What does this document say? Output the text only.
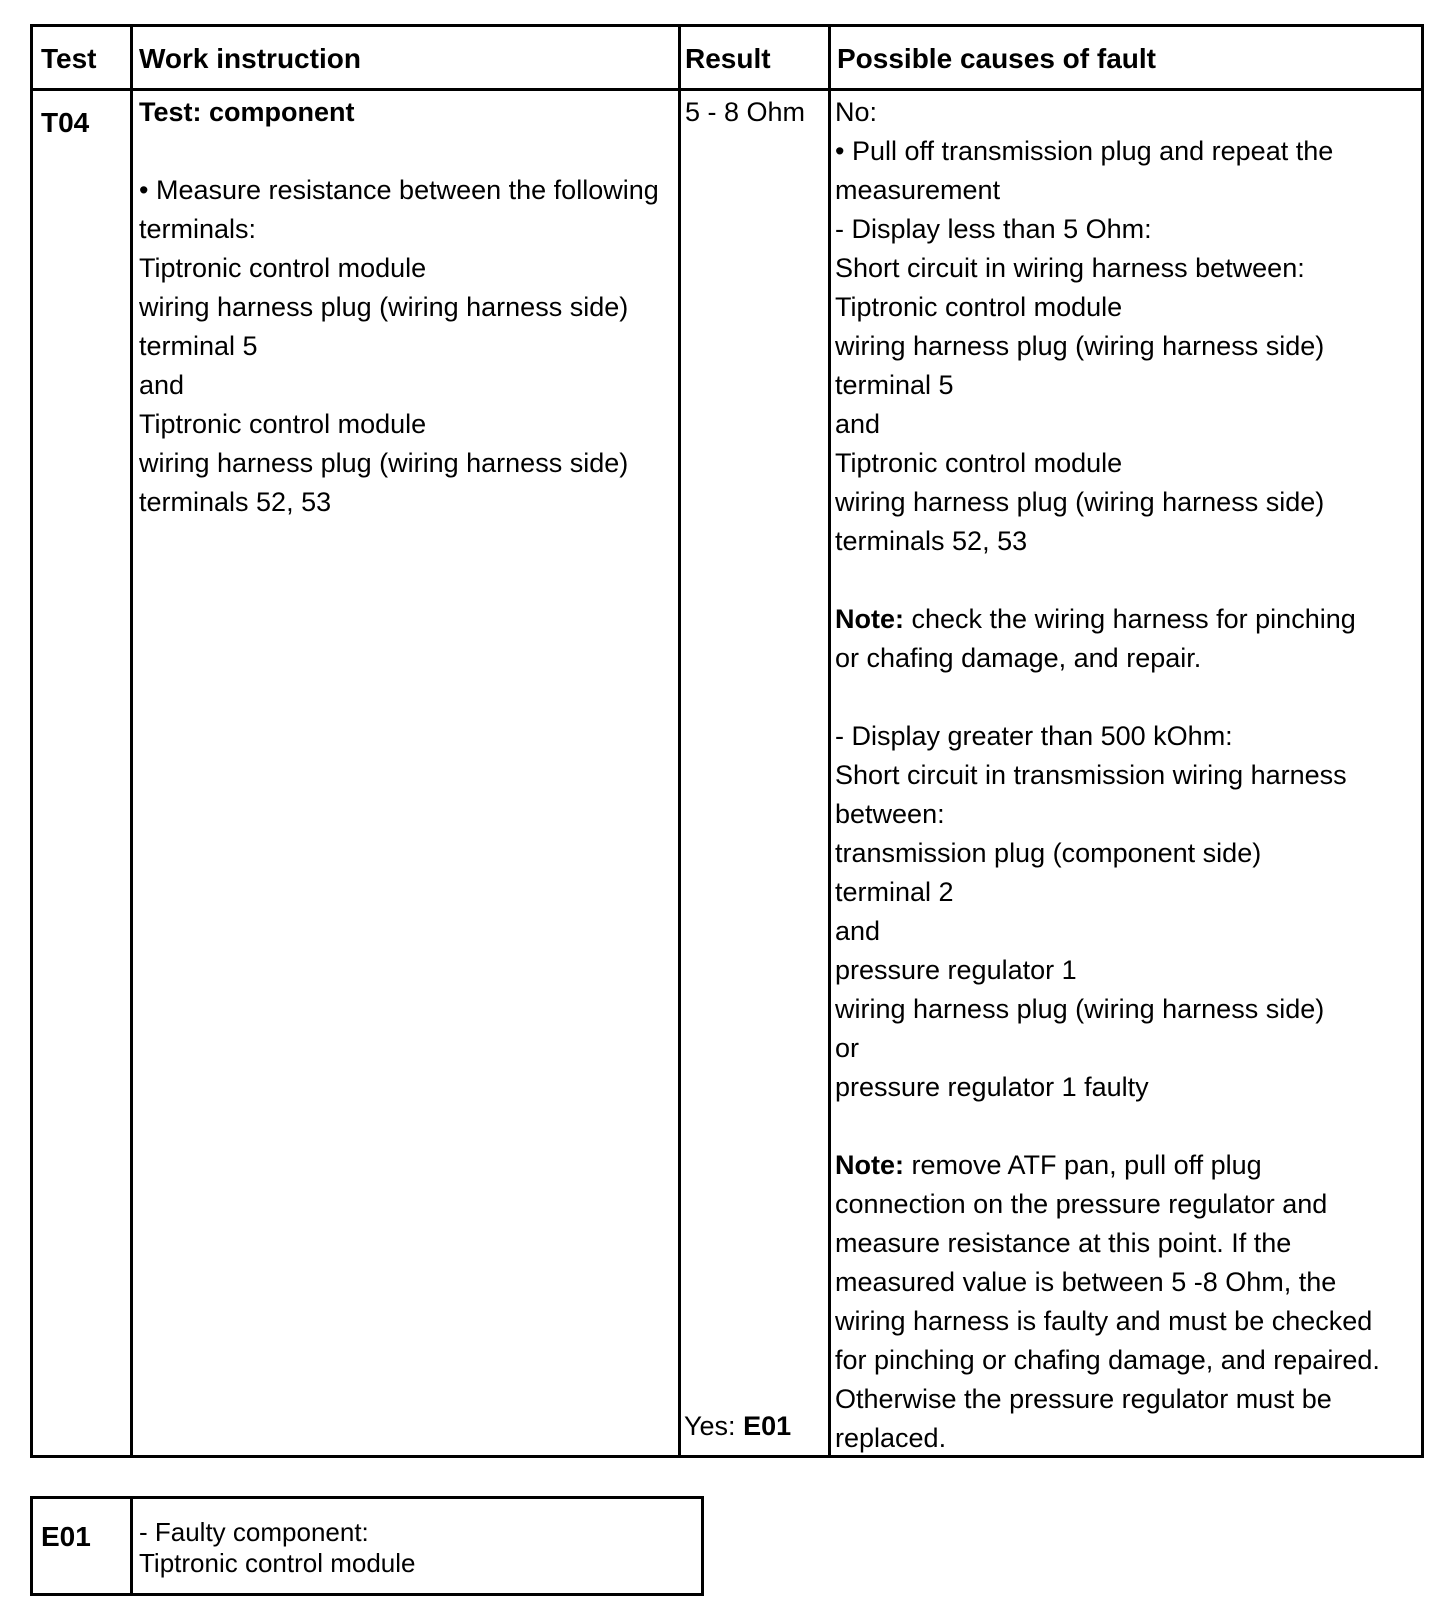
Test Work instruction	Result Possible causes of fault
T04 Test: component
• Measure resistance between the following
terminals:
Tiptronic control module
wiring harness plug (wiring harness side)
terminal 5
and
Tiptronic control module
wiring harness plug (wiring harness side)
terminals 52, 53
5 - 8 Ohm
Yes: E01
No:
• Pull off transmission plug and repeat the
measurement
- Display less than 5 Ohm:
Short circuit in wiring harness between:
Tiptronic control module
wiring harness plug (wiring harness side)
terminal 5
and
Tiptronic control module
wiring harness plug (wiring harness side)
terminals 52, 53
Note: check the wiring harness for pinching
or chafing damage, and repair.
- Display greater than 500 kOhm:
Short circuit in transmission wiring harness
between:
transmission plug (component side)
terminal 2
and
pressure regulator 1
wiring harness plug (wiring harness side)
or
pressure regulator 1 faulty
Note: remove ATF pan, pull off plug
connection on the pressure regulator and
measure resistance at this point. If the
measured value is between 5 -8 Ohm, the
wiring harness is faulty and must be checked
for pinching or chafing damage, and repaired.
Otherwise the pressure regulator must be
replaced.
E01 - Faulty component:
Tiptronic control module
